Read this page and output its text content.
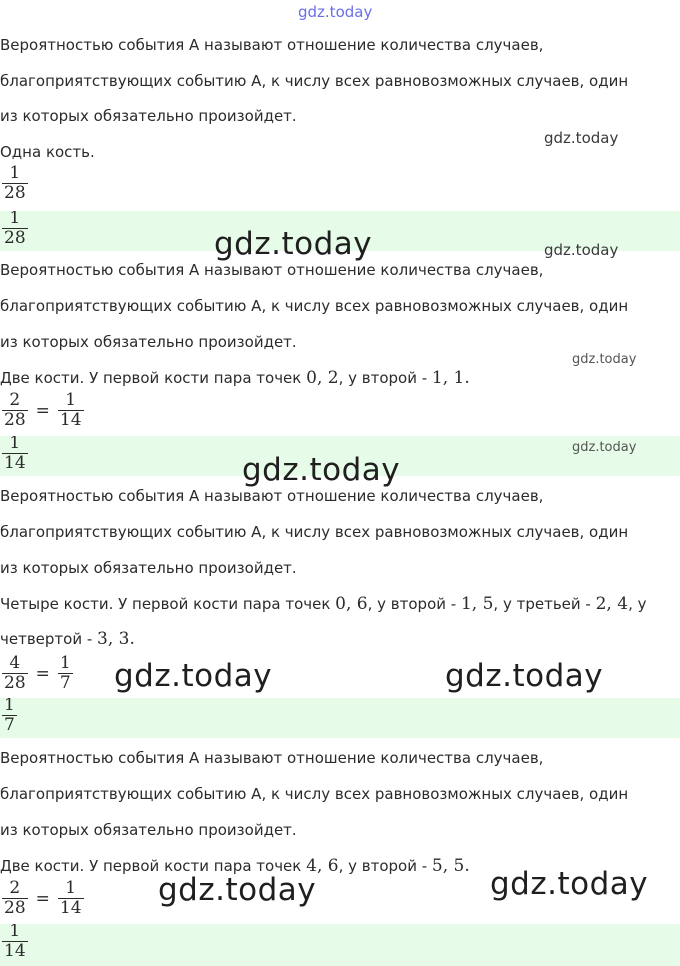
gdz.today
Вероятностью события А называют отношение количества случаев,
благоприятствующих событию А, к числу всех равновозможных случаев, один
из которых обязательно произойдет.
gdz.today
Одна кость.
$\frac{1}{28}$
$\frac{1}{28}$	gdz.today	gdz.today
Вероятностью события А называют отношение количества случаев,
благоприятствующих событию А, к числу всех равновозможных случаев, один
из которых обязательно произойдет.
gdz.today
Две кости. У первой кости пара точек 0, 2, у второй - 1, 1.
$\frac{2}{28} = \frac{1}{14}$
$\frac{1}{14}$	gdz.today
gdz.today
Вероятностью события А называют отношение количества случаев,
благоприятствующих событию А, к числу всех равновозможных случаев, один
из которых обязательно произойдет.
Четыре кости. У первой кости пара точек 0, 6, у второй - 1, 5, у третьей - 2, 4, у
четвертой - 3, 3.
$\frac{4}{28} = \frac{1}{7}$ gdz.today	gdz.today
$\frac{1}{7}$
Вероятностью события А называют отношение количества случаев,
благоприятствующих событию А, к числу всех равновозможных случаев, один
из которых обязательно произойдет.
Две кости. У первой кости пара точек 4, 6, у второй - 5, 5. gdz.today
$\frac{2}{28} = \frac{1}{14}$ gdz.today
$\frac{1}{14}$
